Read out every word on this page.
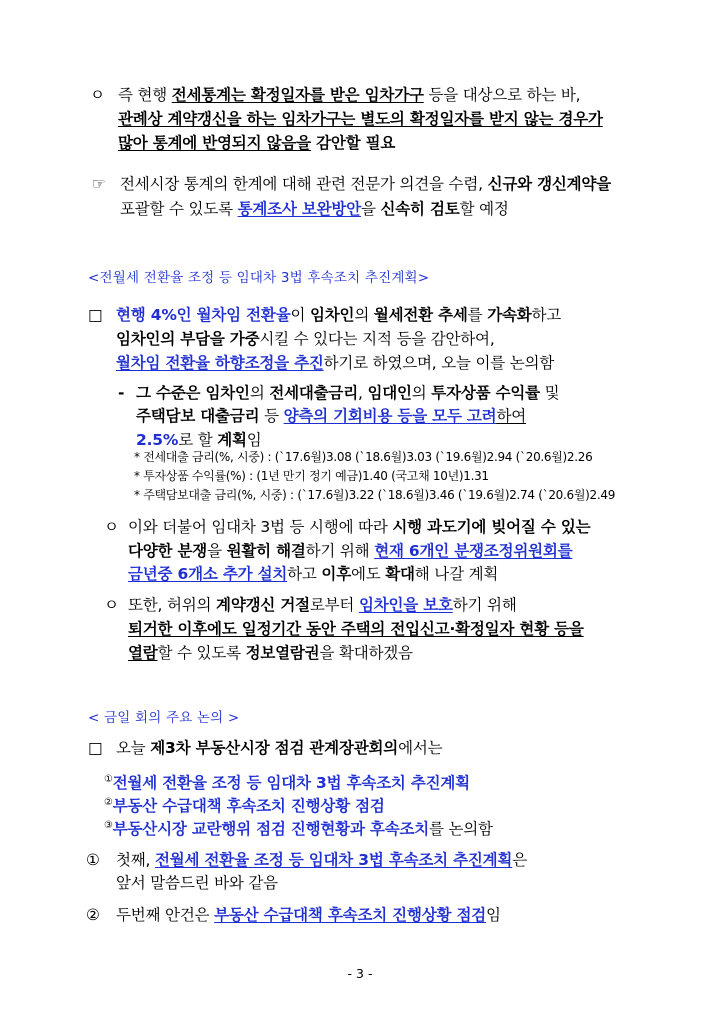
ㅇ 즉 현행 전세통계는 확정일자를 받은 임차가구 등을 대상으로 하는 바,
관례상 계약갱신을 하는 임차가구는 별도의 확정일자를 받지 않는 경우가
많아 통계에 반영되지 않음을 감안할 필요
☞ 전세시장 통계의 한계에 대해 관련 전문가 의견을 수렴, 신규와 갱신계약을
포괄할 수 있도록 통계조사 보완방안을 신속히 검토할 예정
<전월세 전환율 조정 등 임대차 3법 후속조치 추진계획>
□ 현행 4%인 월차임 전환율이 임차인의 월세전환 추세를 가속화하고
임차인의 부담을 가중시킬 수 있다는 지적 등을 감안하여,
월차임 전환율 하향조정을 추진하기로 하였으며, 오늘 이를 논의함
- 그 수준은 임차인의 전세대출금리, 임대인의 투자상품 수익률 및
주택담보 대출금리 등 양측의 기회비용 등을 모두 고려하여
2.5%로 할 계획임
* 전세대출 금리(%, 시중) : (`17.6월)3.08 (`18.6월)3.03 (`19.6월)2.94 (`20.6월)2.26
* 투자상품 수익률(%) : (1년 만기 정기 예금)1.40 (국고채 10년)1.31
* 주택담보대출 금리(%, 시중) : (`17.6월)3.22 (`18.6월)3.46 (`19.6월)2.74 (`20.6월)2.49
ㅇ 이와 더불어 임대차 3법 등 시행에 따라 시행 과도기에 빚어질 수 있는
다양한 분쟁을 원활히 해결하기 위해 현재 6개인 분쟁조정위원회를
금년중 6개소 추가 설치하고 이후에도 확대해 나갈 계획
ㅇ 또한, 허위의 계약갱신 거절로부터 임차인을 보호하기 위해
퇴거한 이후에도 일정기간 동안 주택의 전입신고·확정일자 현황 등을
열람할 수 있도록 정보열람권을 확대하겠음
< 금일 회의 주요 논의 >
□ 오늘 제3차 부동산시장 점검 관계장관회의에서는
①전월세 전환율 조정 등 임대차 3법 후속조치 추진계획
②부동산 수급대책 후속조치 진행상황 점검
③부동산시장 교란행위 점검 진행현황과 후속조치를 논의함
① 첫째, 전월세 전환율 조정 등 임대차 3법 후속조치 추진계획은
앞서 말씀드린 바와 같음
② 두번째 안건은 부동산 수급대책 후속조치 진행상황 점검임
- 3 -
